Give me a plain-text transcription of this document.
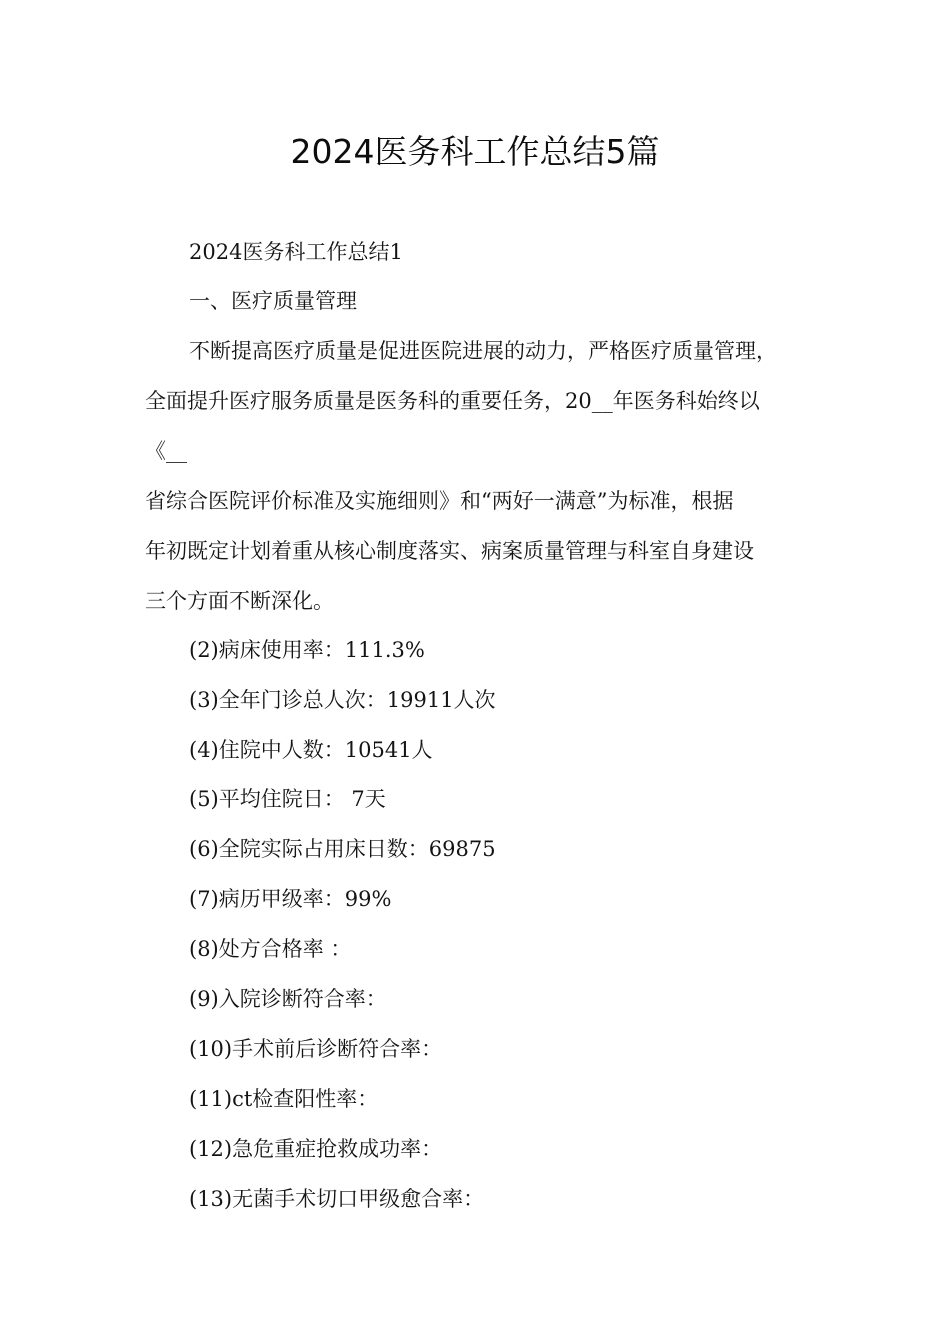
2024医务科工作总结5篇
2024医务科工作总结1
一、医疗质量管理
不断提高医疗质量是促进医院进展的动力，严格医疗质量管理，
全面提升医疗服务质量是医务科的重要任务，20__年医务科始终以
《__
省综合医院评价标准及实施细则》和“两好一满意”为标准，根据
年初既定计划着重从核心制度落实、病案质量管理与科室自身建设
三个方面不断深化。
(2)病床使用率：111.3%
(3)全年门诊总人次：19911人次
(4)住院中人数：10541人
(5)平均住院日： 7天
(6)全院实际占用床日数：69875
(7)病历甲级率：99%
(8)处方合格率 ：
(9)入院诊断符合率：
(10)手术前后诊断符合率：
(11)ct检查阳性率：
(12)急危重症抢救成功率：
(13)无菌手术切口甲级愈合率：
